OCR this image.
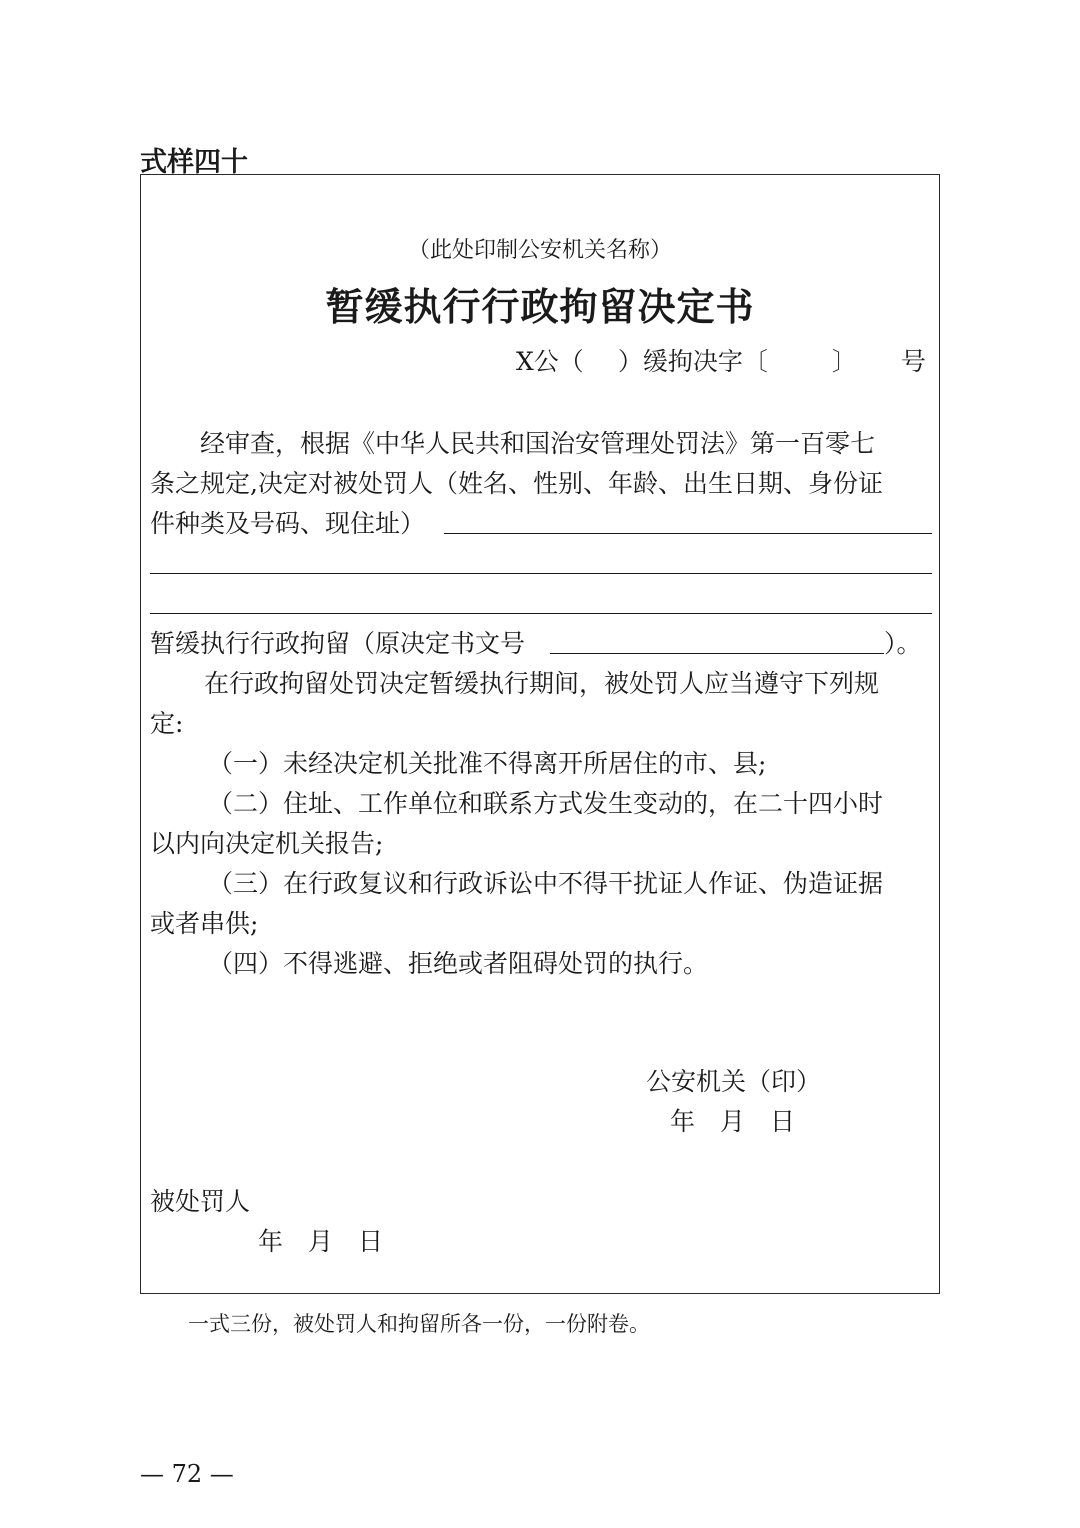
式样四十
（此处印制公安机关名称）
暂缓执行行政拘留决定书
X公（ ）缓拘决字〔	〕 号
经审查，根据《中华人民共和国治安管理处罚法》第一百零七
条之规定,决定对被处罚人（姓名、性别、年龄、出生日期、身份证
件种类及号码、现住址）
暂缓执行行政拘留（原决定书文号	）。
在行政拘留处罚决定暂缓执行期间，被处罚人应当遵守下列规
定:
（一）未经决定机关批准不得离开所居住的市、县;
（二）住址、工作单位和联系方式发生变动的，在二十四小时
以内向决定机关报告;
（三）在行政复议和行政诉讼中不得干扰证人作证、伪造证据
或者串供;
（四）不得逃避、拒绝或者阻碍处罚的执行。
公安机关（印）
年　月　日
被处罚人
年　月　日
一式三份，被处罚人和拘留所各一份，一份附卷。
— 72 —
